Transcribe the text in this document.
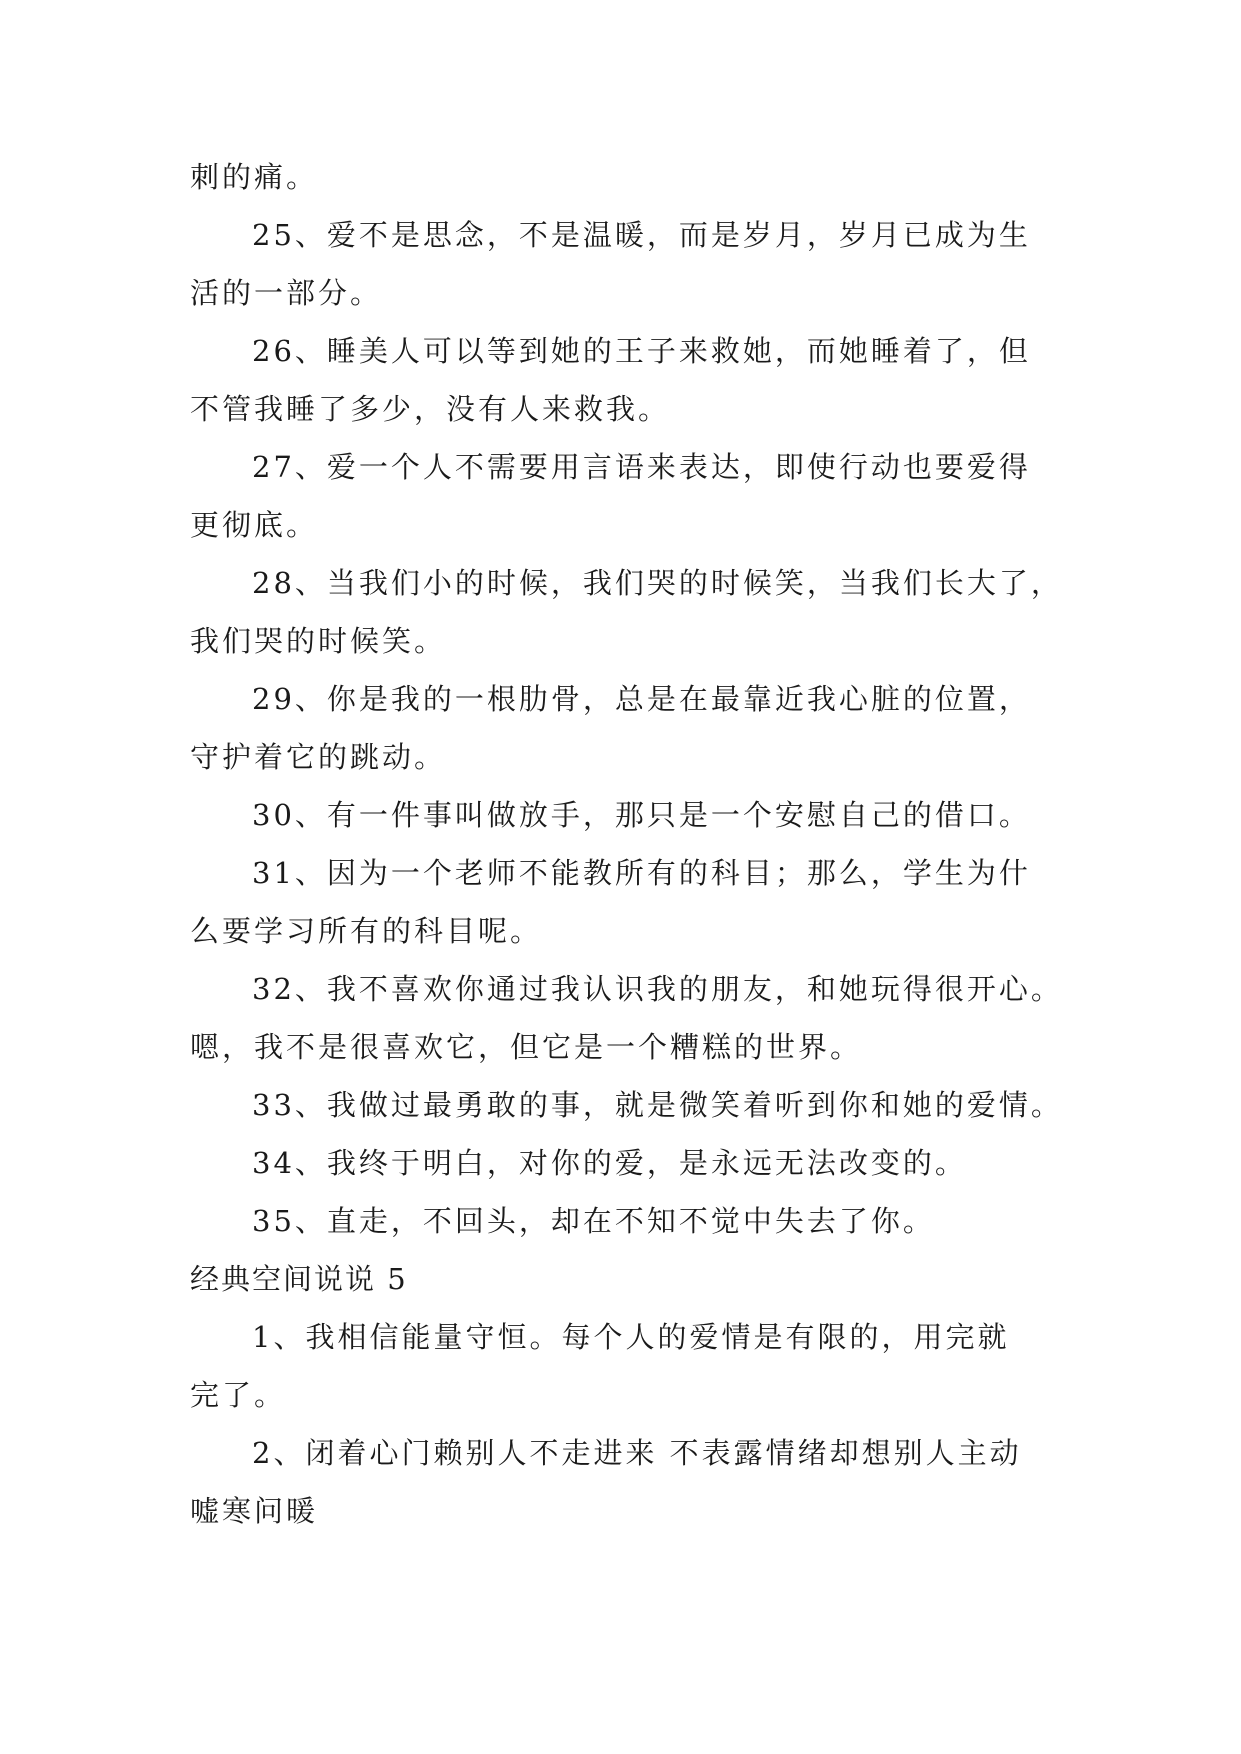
刺的痛。
25、爱不是思念，不是温暖，而是岁月，岁月已成为生
活的一部分。
26、睡美人可以等到她的王子来救她，而她睡着了，但
不管我睡了多少，没有人来救我。
27、爱一个人不需要用言语来表达，即使行动也要爱得
更彻底。
28、当我们小的时候，我们哭的时候笑，当我们长大了，
我们哭的时候笑。
29、你是我的一根肋骨，总是在最靠近我心脏的位置，
守护着它的跳动。
30、有一件事叫做放手，那只是一个安慰自己的借口。
31、因为一个老师不能教所有的科目；那么，学生为什
么要学习所有的科目呢。
32、我不喜欢你通过我认识我的朋友，和她玩得很开心。
嗯，我不是很喜欢它，但它是一个糟糕的世界。
33、我做过最勇敢的事，就是微笑着听到你和她的爱情。
34、我终于明白，对你的爱，是永远无法改变的。
35、直走，不回头，却在不知不觉中失去了你。
经典空间说说 5
1、我相信能量守恒。每个人的爱情是有限的，用完就
完了。
2、闭着心门赖别人不走进来 不表露情绪却想别人主动
嘘寒问暖
